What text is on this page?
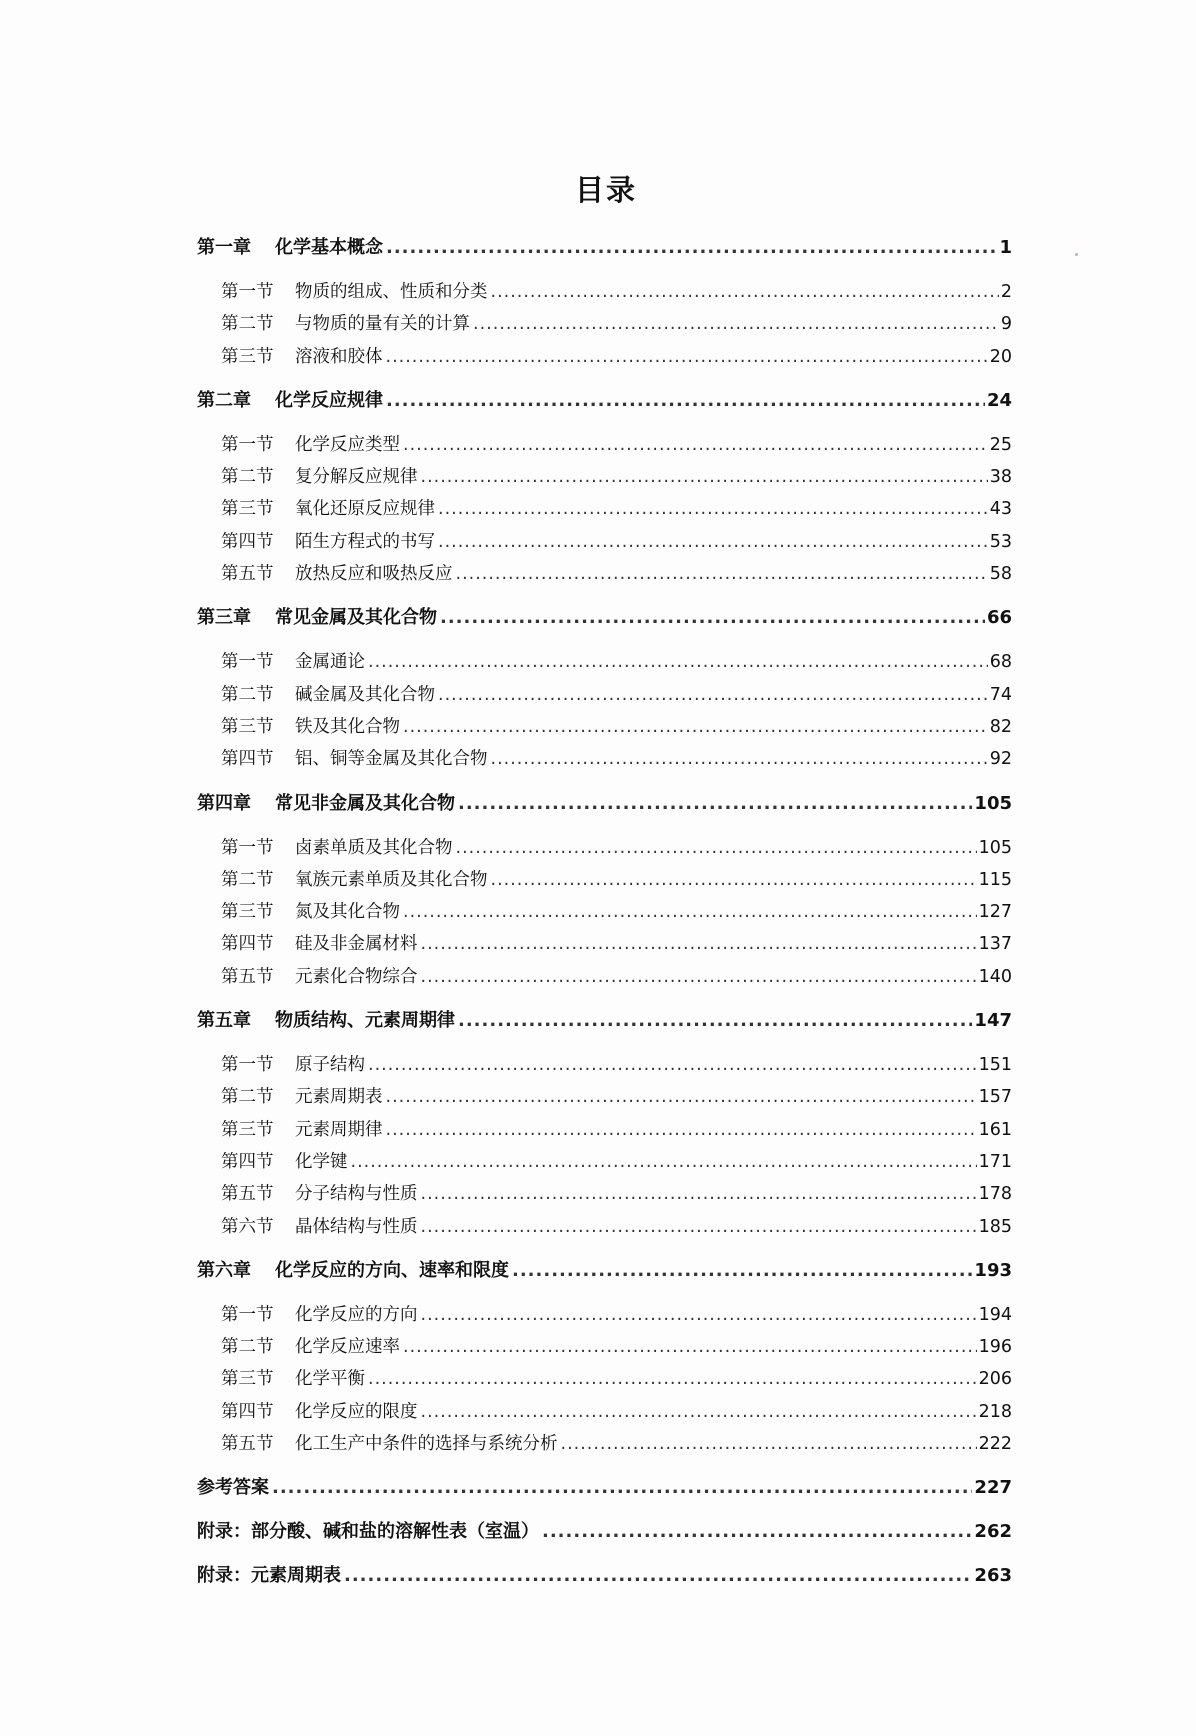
目录
第一章 化学基本概念 .....	1
第一节 物质的组成、性质和分类 .....	2
第二节 与物质的量有关的计算 .....	9
第三节 溶液和胶体 .....	20
第二章 化学反应规律 .....	24
第一节 化学反应类型 .....	25
第二节 复分解反应规律 .....	38
第三节 氧化还原反应规律 .....	43
第四节 陌生方程式的书写 .....	53
第五节 放热反应和吸热反应 .....	58
第三章 常见金属及其化合物 .....	66
第一节 金属通论 .....	68
第二节 碱金属及其化合物 .....	74
第三节 铁及其化合物 .....	82
第四节 铝、铜等金属及其化合物 .....	92
第四章 常见非金属及其化合物 .....	105
第一节 卤素单质及其化合物 .....	105
第二节 氧族元素单质及其化合物 .....	115
第三节 氮及其化合物 .....	127
第四节 硅及非金属材料 .....	137
第五节 元素化合物综合 .....	140
第五章 物质结构、元素周期律 .....	147
第一节 原子结构 .....	151
第二节 元素周期表 .....	157
第三节 元素周期律 .....	161
第四节 化学键 .....	171
第五节 分子结构与性质 .....	178
第六节 晶体结构与性质 .....	185
第六章 化学反应的方向、速率和限度 .....	193
第一节 化学反应的方向 .....	194
第二节 化学反应速率 .....	196
第三节 化学平衡 .....	206
第四节 化学反应的限度 .....	218
第五节 化工生产中条件的选择与系统分析 .....	222
参考答案 .....	227
附录：部分酸、碱和盐的溶解性表（室温） .....	262
附录：元素周期表 .....	263
